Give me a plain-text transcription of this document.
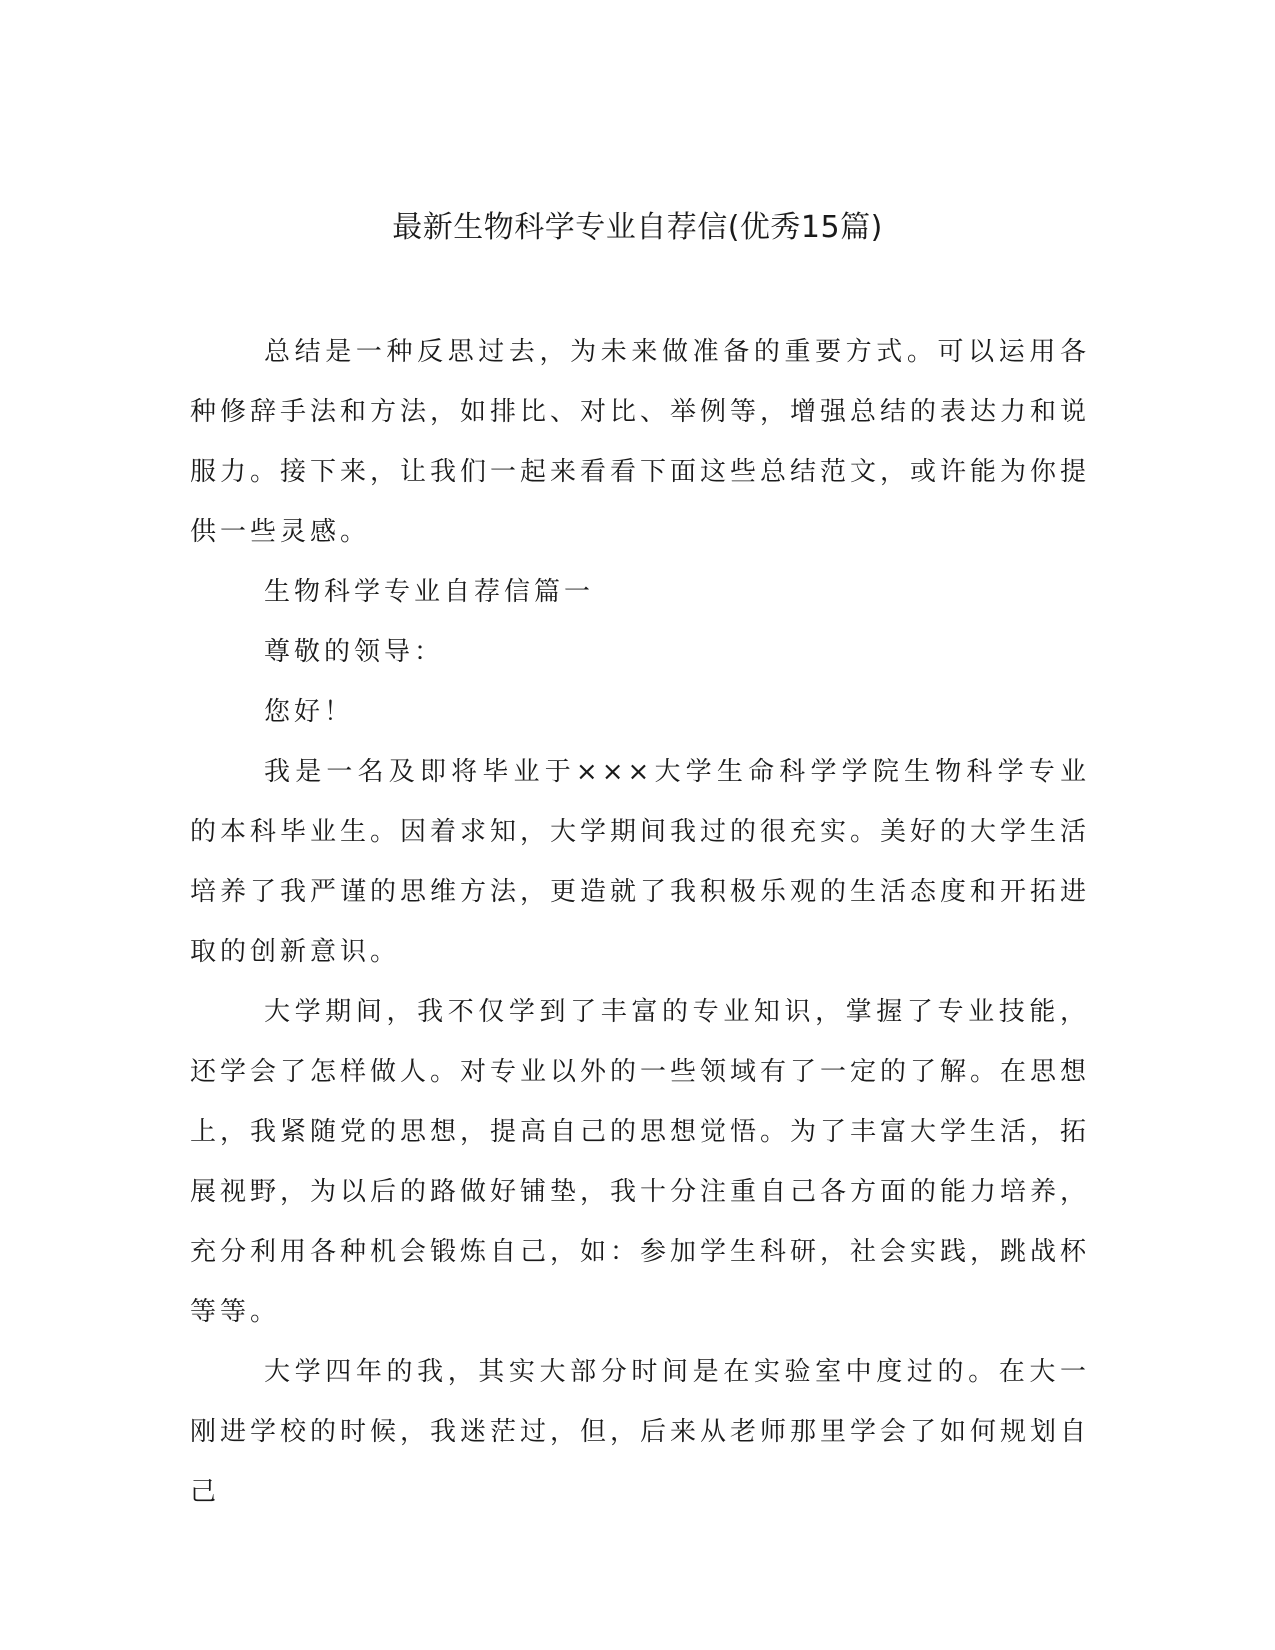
最新生物科学专业自荐信(优秀15篇)

总结是一种反思过去，为未来做准备的重要方式。可以运用各种修辞手法和方法，如排比、对比、举例等，增强总结的表达力和说服力。接下来，让我们一起来看看下面这些总结范文，或许能为你提供一些灵感。

生物科学专业自荐信篇一

尊敬的领导：

您好！

我是一名及即将毕业于×××大学生命科学学院生物科学专业的本科毕业生。因着求知，大学期间我过的很充实。美好的大学生活培养了我严谨的思维方法，更造就了我积极乐观的生活态度和开拓进取的创新意识。

大学期间，我不仅学到了丰富的专业知识，掌握了专业技能，还学会了怎样做人。对专业以外的一些领域有了一定的了解。在思想上，我紧随党的思想，提高自己的思想觉悟。为了丰富大学生活，拓展视野，为以后的路做好铺垫，我十分注重自己各方面的能力培养，充分利用各种机会锻炼自己，如：参加学生科研，社会实践，跳战杯等等。

大学四年的我，其实大部分时间是在实验室中度过的。在大一刚进学校的时候，我迷茫过，但，后来从老师那里学会了如何规划自己
